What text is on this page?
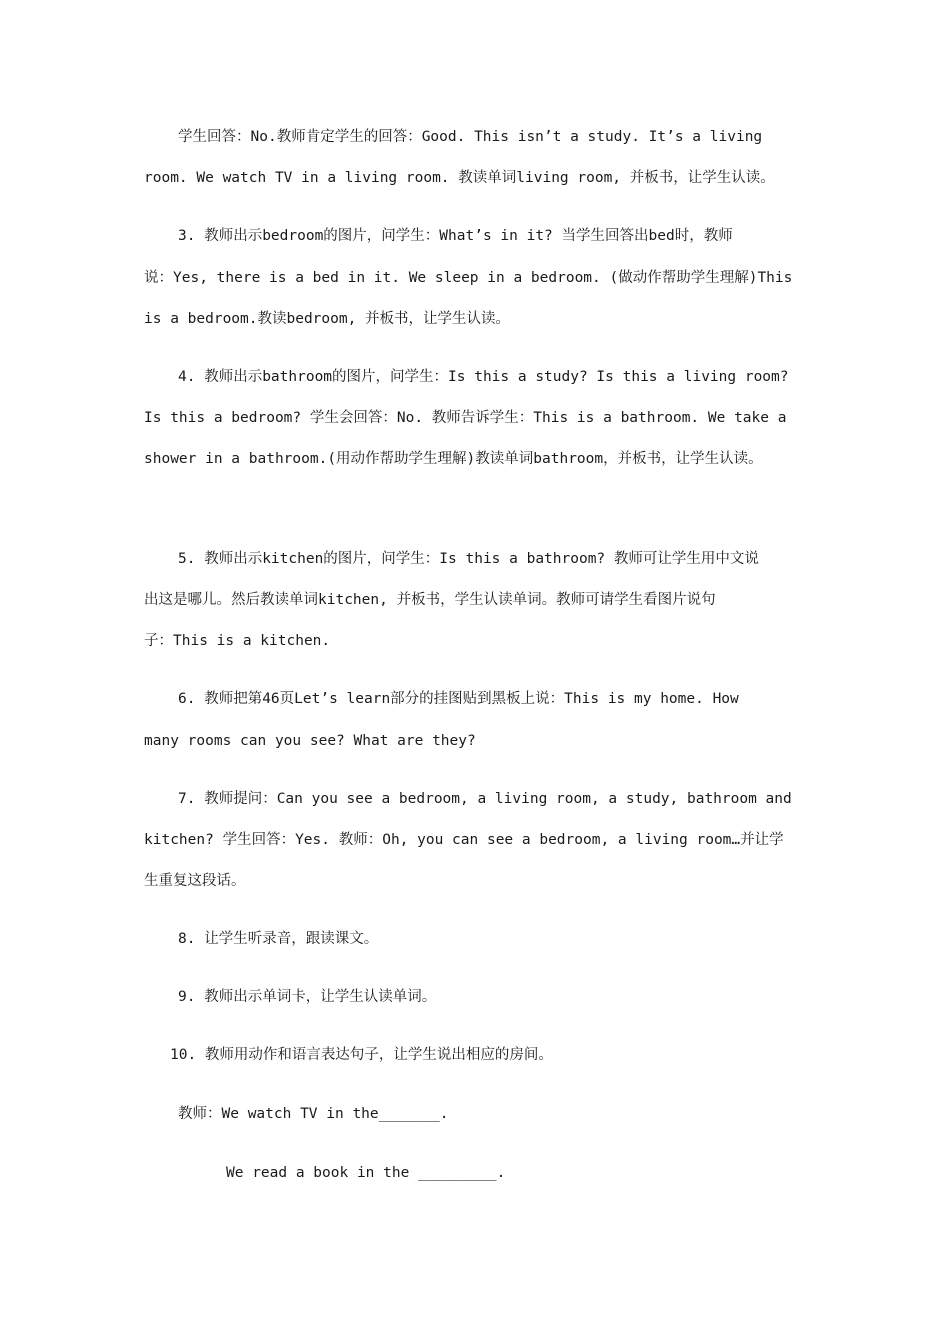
学生回答：No.教师肯定学生的回答：Good. This isn’t a study. It’s a living
room. We watch TV in a living room. 教读单词living room, 并板书，让学生认读。
3. 教师出示bedroom的图片，问学生：What’s in it? 当学生回答出bed时，教师
说：Yes, there is a bed in it. We sleep in a bedroom. (做动作帮助学生理解)This
is a bedroom.教读bedroom, 并板书，让学生认读。
4. 教师出示bathroom的图片，问学生：Is this a study? Is this a living room?
Is this a bedroom? 学生会回答：No. 教师告诉学生：This is a bathroom. We take a
shower in a bathroom.(用动作帮助学生理解)教读单词bathroom，并板书，让学生认读。
5. 教师出示kitchen的图片，问学生：Is this a bathroom? 教师可让学生用中文说
出这是哪儿。然后教读单词kitchen, 并板书，学生认读单词。教师可请学生看图片说句
子：This is a kitchen.
6. 教师把第46页Let’s learn部分的挂图贴到黑板上说：This is my home. How
many rooms can you see? What are they?
7. 教师提问：Can you see a bedroom, a living room, a study, bathroom and
kitchen? 学生回答：Yes. 教师：Oh, you can see a bedroom, a living room…并让学
生重复这段话。
8. 让学生听录音，跟读课文。
9. 教师出示单词卡，让学生认读单词。
10. 教师用动作和语言表达句子，让学生说出相应的房间。
教师：We watch TV in the_______.
We read a book in the _________.
